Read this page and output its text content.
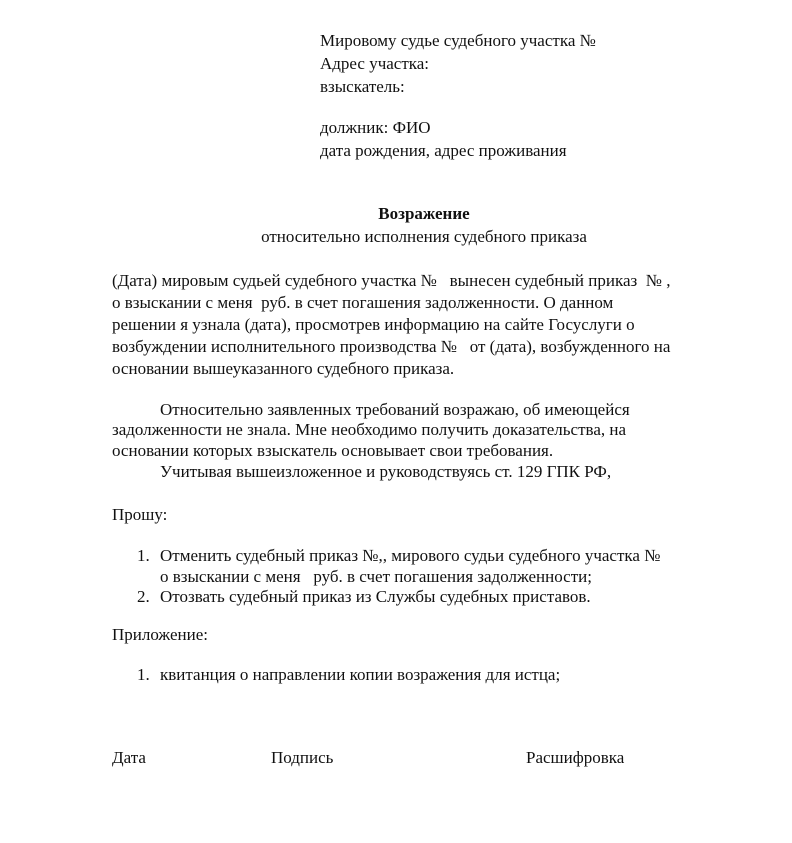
Мировому судье судебного участка №
Адрес участка:
взыскатель:
должник: ФИО
дата рождения, адрес проживания
Возражение
относительно исполнения судебного приказа
(Дата) мировым судьей судебного участка №   вынесен судебный приказ  № ,
о взыскании с меня  руб. в счет погашения задолженности. О данном
решении я узнала (дата), просмотрев информацию на сайте Госуслуги о
возбуждении исполнительного производства №   от (дата), возбужденного на
основании вышеуказанного судебного приказа.
Относительно заявленных требований возражаю, об имеющейся
задолженности не знала. Мне необходимо получить доказательства, на
основании которых взыскатель основывает свои требования.
Учитывая вышеизложенное и руководствуясь ст. 129 ГПК РФ,
Прошу:
1. Отменить судебный приказ №,, мирового судьи судебного участка №
о взыскании с меня   руб. в счет погашения задолженности;
2. Отозвать судебный приказ из Службы судебных приставов.
Приложение:
1. квитанция о направлении копии возражения для истца;
Дата	Подпись	Расшифровка
